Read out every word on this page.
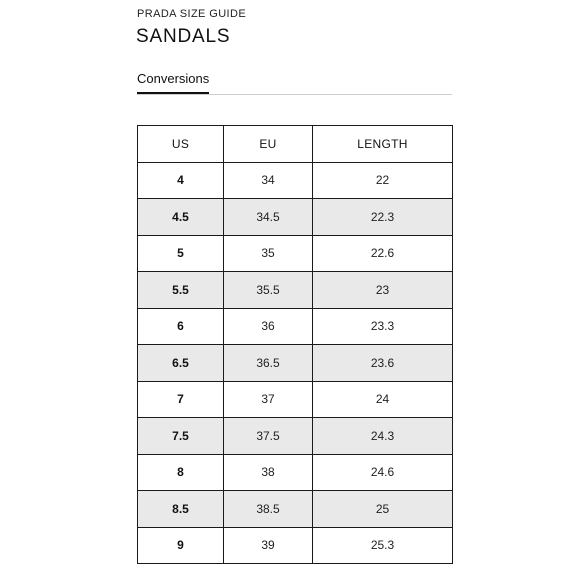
PRADA SIZE GUIDE
SANDALS
Conversions
US	EU	LENGTH
4	34	22
4.5	34.5	22.3
5	35	22.6
5.5	35.5	23
6	36	23.3
6.5	36.5	23.6
7	37	24
7.5	37.5	24.3
8	38	24.6
8.5	38.5	25
9	39	25.3
